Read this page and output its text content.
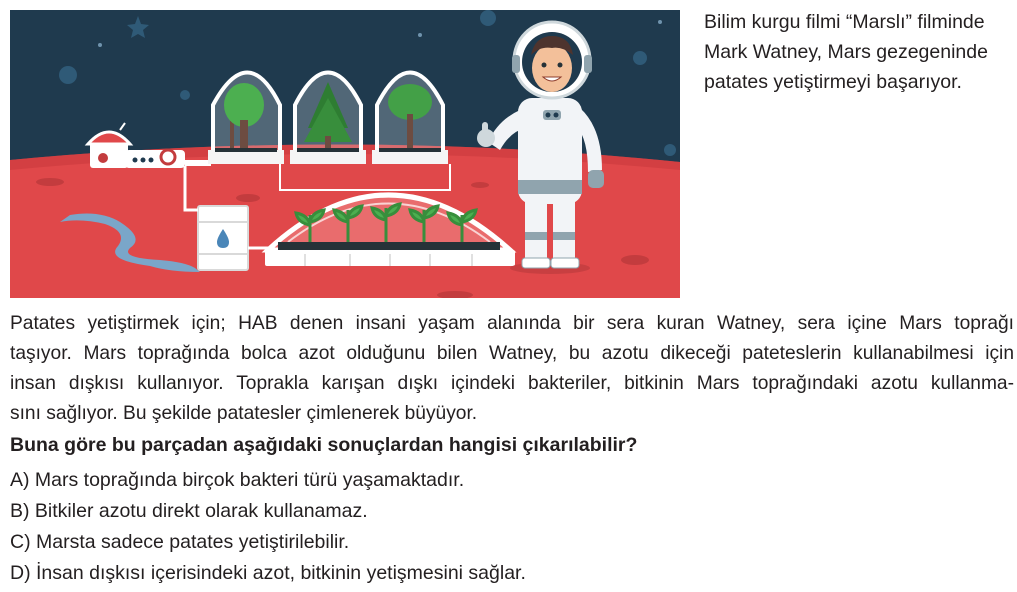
Bilim kurgu filmi “Marslı” filminde

Mark Watney, Mars gezegeninde

patates yetiştirmeyi başarıyor.

Patates yetiştirmek için; HAB denen insani yaşam alanında bir sera kuran Watney, sera içine Mars toprağı
taşıyor. Mars toprağında bolca azot olduğunu bilen Watney, bu azotu dikeceği pateteslerin kullanabilmesi için
insan dışkısı kullanıyor. Toprakla karışan dışkı içindeki bakteriler, bitkinin Mars toprağındaki azotu kullanma-
sını sağlıyor. Bu şekilde patatesler çimlenerek büyüyor.
Buna göre bu parçadan aşağıdaki sonuçlardan hangisi çıkarılabilir?
A) Mars toprağında birçok bakteri türü yaşamaktadır.
B) Bitkiler azotu direkt olarak kullanamaz.
C) Marsta sadece patates yetiştirilebilir.
D) İnsan dışkısı içerisindeki azot, bitkinin yetişmesini sağlar.
